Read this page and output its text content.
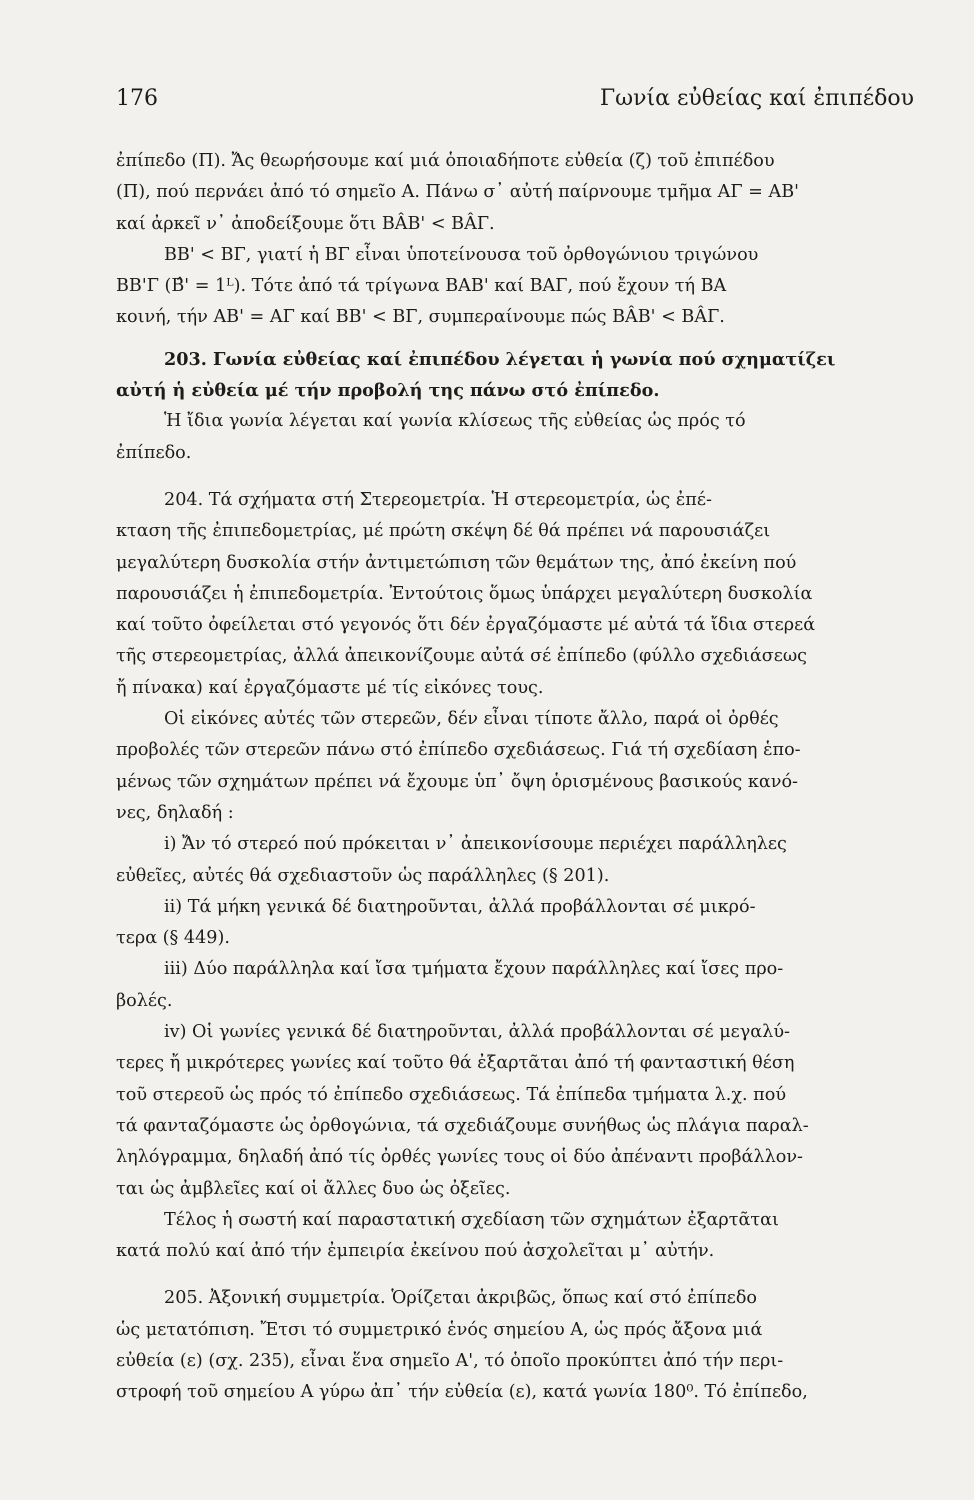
176	Γωνία εὐθείας καί ἐπιπέδου
ἐπίπεδο (Π). Ἄς θεωρήσουμε καί μιά ὁποιαδήποτε εὐθεία (ζ) τοῦ ἐπιπέδου
(Π), πού περνάει ἀπό τό σημεῖο Α. Πάνω σ᾽ αὐτή παίρνουμε τμῆμα ΑΓ = ΑΒ'
καί ἀρκεῖ ν᾽ ἀποδείξουμε ὅτι ΒÂΒ' < ΒÂΓ.
ΒΒ' < ΒΓ, γιατί ἡ ΒΓ εἶναι ὑποτείνουσα τοῦ ὀρθογώνιου τριγώνου
ΒΒ'Γ (Β̂' = 1ᴸ). Τότε ἀπό τά τρίγωνα ΒΑΒ' καί ΒΑΓ, πού ἔχουν τή ΒΑ
κοινή, τήν ΑΒ' = ΑΓ καί ΒΒ' < ΒΓ, συμπεραίνουμε πώς ΒÂΒ' < ΒÂΓ.
203. Γωνία εὐθείας καί ἐπιπέδου λέγεται ἡ γωνία πού σχηματίζει
αὐτή ἡ εὐθεία μέ τήν προβολή της πάνω στό ἐπίπεδο.
Ἡ ἴδια γωνία λέγεται καί γωνία κλίσεως τῆς εὐθείας ὡς πρός τό
ἐπίπεδο.
204. Τά σχήματα στή Στερεομετρία. Ἡ στερεομετρία, ὡς ἐπέ-
κταση τῆς ἐπιπεδομετρίας, μέ πρώτη σκέψη δέ θά πρέπει νά παρουσιάζει
μεγαλύτερη δυσκολία στήν ἀντιμετώπιση τῶν θεμάτων της, ἀπό ἐκείνη πού
παρουσιάζει ἡ ἐπιπεδομετρία. Ἐντούτοις ὅμως ὑπάρχει μεγαλύτερη δυσκολία
καί τοῦτο ὀφείλεται στό γεγονός ὅτι δέν ἐργαζόμαστε μέ αὐτά τά ἴδια στερεά
τῆς στερεομετρίας, ἀλλά ἀπεικονίζουμε αὐτά σέ ἐπίπεδο (φύλλο σχεδιάσεως
ἤ πίνακα) καί ἐργαζόμαστε μέ τίς εἰκόνες τους.
Οἱ εἰκόνες αὐτές τῶν στερεῶν, δέν εἶναι τίποτε ἄλλο, παρά οἱ ὀρθές
προβολές τῶν στερεῶν πάνω στό ἐπίπεδο σχεδιάσεως. Γιά τή σχεδίαση ἑπο-
μένως τῶν σχημάτων πρέπει νά ἔχουμε ὑπ᾽ ὄψη ὁρισμένους βασικούς κανό-
νες, δηλαδή :
i) Ἄν τό στερεό πού πρόκειται ν᾽ ἀπεικονίσουμε περιέχει παράλληλες
εὐθεῖες, αὐτές θά σχεδιαστοῦν ὡς παράλληλες (§ 201).
ii) Τά μήκη γενικά δέ διατηροῦνται, ἀλλά προβάλλονται σέ μικρό-
τερα (§ 449).
iii) Δύο παράλληλα καί ἴσα τμήματα ἔχουν παράλληλες καί ἴσες προ-
βολές.
iv) Οἱ γωνίες γενικά δέ διατηροῦνται, ἀλλά προβάλλονται σέ μεγαλύ-
τερες ἤ μικρότερες γωνίες καί τοῦτο θά ἐξαρτᾶται ἀπό τή φανταστική θέση
τοῦ στερεοῦ ὡς πρός τό ἐπίπεδο σχεδιάσεως. Τά ἐπίπεδα τμήματα λ.χ. πού
τά φανταζόμαστε ὡς ὀρθογώνια, τά σχεδιάζουμε συνήθως ὡς πλάγια παραλ-
ληλόγραμμα, δηλαδή ἀπό τίς ὀρθές γωνίες τους οἱ δύο ἀπέναντι προβάλλον-
ται ὡς ἀμβλεῖες καί οἱ ἄλλες δυο ὡς ὀξεῖες.
Τέλος ἡ σωστή καί παραστατική σχεδίαση τῶν σχημάτων ἐξαρτᾶται
κατά πολύ καί ἀπό τήν ἐμπειρία ἐκείνου πού ἀσχολεῖται μ᾽ αὐτήν.
205. Ἀξονική συμμετρία. Ὁρίζεται ἀκριβῶς, ὅπως καί στό ἐπίπεδο
ὡς μετατόπιση. Ἔτσι τό συμμετρικό ἑνός σημείου Α, ὡς πρός ἄξονα μιά
εὐθεία (ε) (σχ. 235), εἶναι ἕνα σημεῖο Α', τό ὁποῖο προκύπτει ἀπό τήν περι-
στροφή τοῦ σημείου Α γύρω ἀπ᾽ τήν εὐθεία (ε), κατά γωνία 180⁰. Τό ἐπίπεδο,
